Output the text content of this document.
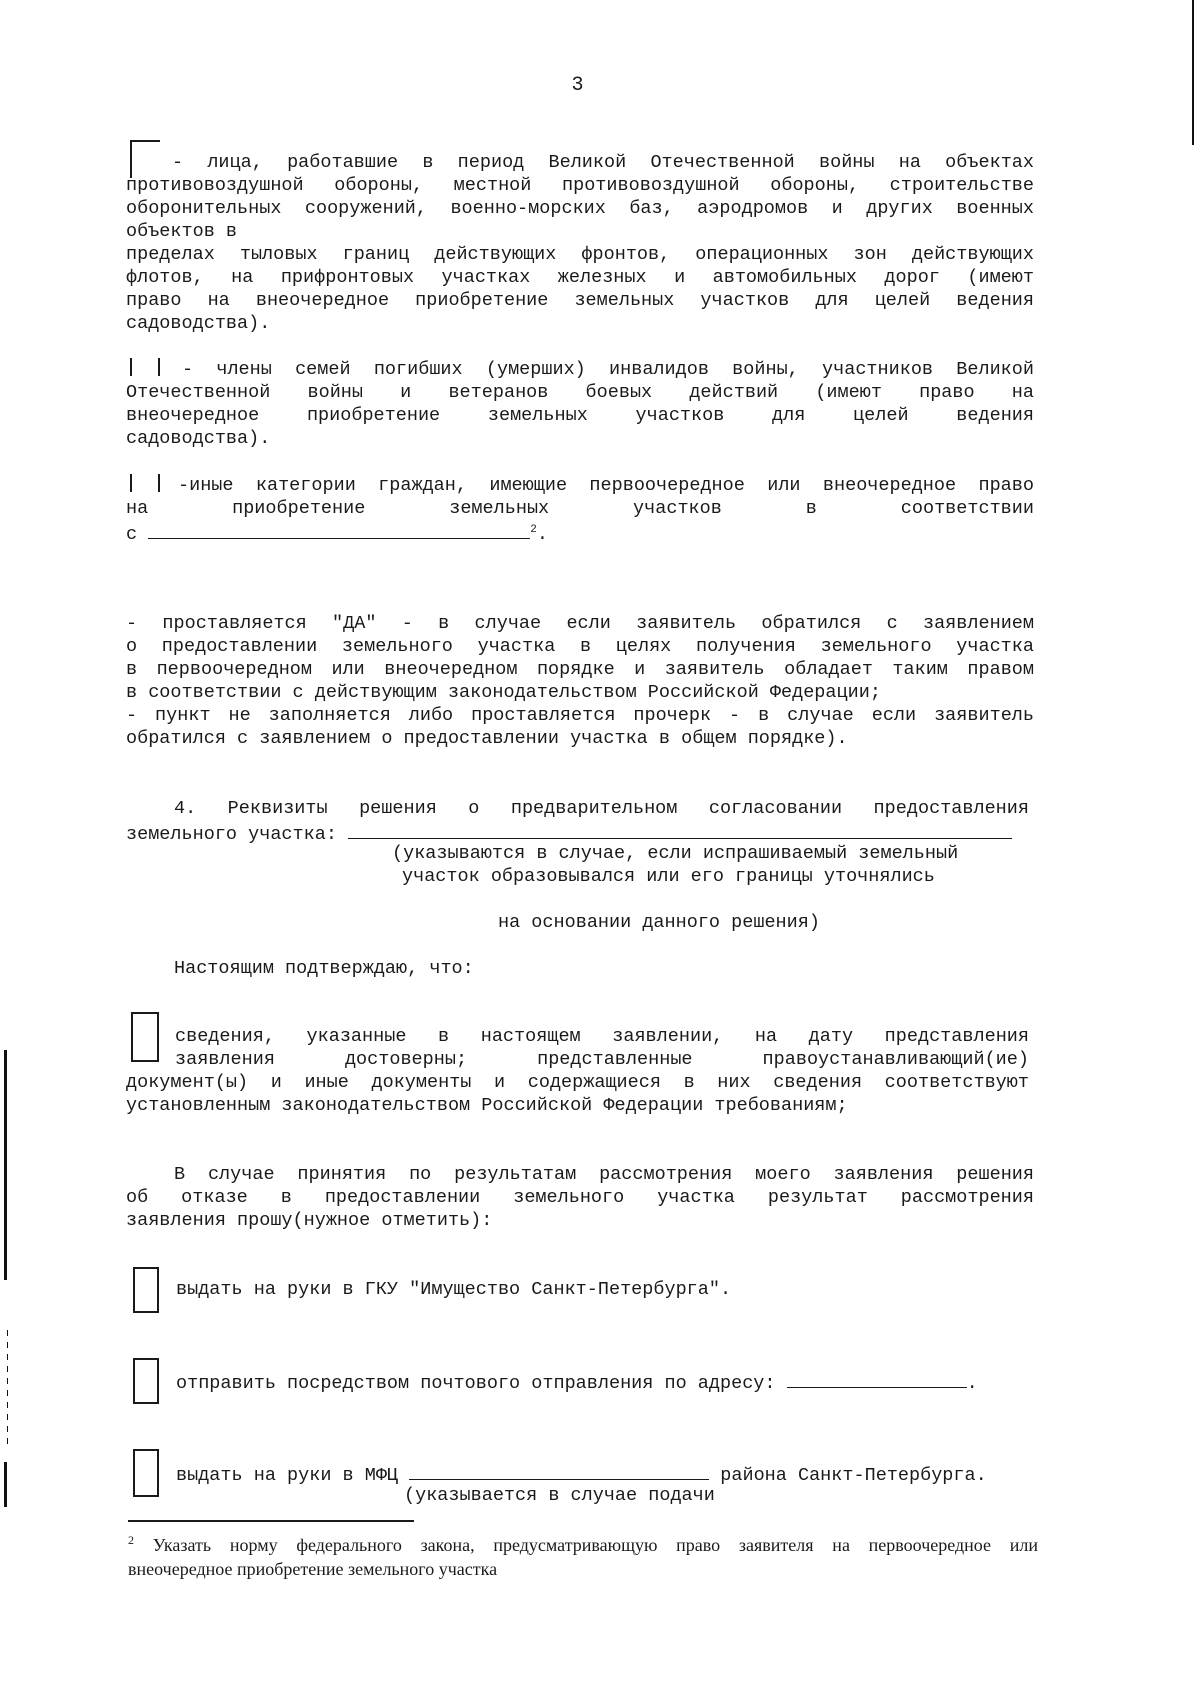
3
- лица, работавшие в период Великой Отечественной войны на объектах
противовоздушной обороны, местной противовоздушной обороны, строительстве
оборонительных сооружений, военно-морских баз, аэродромов и других военных
объектов в
пределах тыловых границ действующих фронтов, операционных зон действующих
флотов, на прифронтовых участках железных и автомобильных дорог (имеют
право на внеочередное приобретение земельных участков для целей ведения
садоводства).
- члены семей погибших (умерших) инвалидов войны, участников Великой
Отечественной войны и ветеранов боевых действий (имеют право на
внеочередное приобретение земельных участков для целей ведения
садоводства).
-иные категории граждан, имеющие первоочередное или внеочередное право
на приобретение земельных участков в соответствии
с	$^2$.
- проставляется "ДА" - в случае если заявитель обратился с заявлением
о предоставлении земельного участка в целях получения земельного участка
в первоочередном или внеочередном порядке и заявитель обладает таким правом
в соответствии с действующим законодательством Российской Федерации;
- пункт не заполняется либо проставляется прочерк - в случае если заявитель
обратился с заявлением о предоставлении участка в общем порядке).
4. Реквизиты решения о предварительном согласовании предоставления
земельного участка:
(указываются в случае, если испрашиваемый земельный
участок образовывался или его границы уточнялись
на основании данного решения)
Настоящим подтверждаю, что:
сведения, указанные в настоящем заявлении, на дату представления
заявления достоверны; представленные правоустанавливающий(ие)
документ(ы) и иные документы и содержащиеся в них сведения соответствуют
установленным законодательством Российской Федерации требованиям;
В случае принятия по результатам рассмотрения моего заявления решения
об отказе в предоставлении земельного участка результат рассмотрения
заявления прошу(нужное отметить):
выдать на руки в ГКУ "Имущество Санкт-Петербурга".
отправить посредством почтового отправления по адресу:	.
выдать на руки в МФЦ	района Санкт-Петербурга.
(указывается в случае подачи
$^2$ Указать норму федерального закона, предусматривающую право заявителя на первоочередное или
внеочередное приобретение земельного участка
